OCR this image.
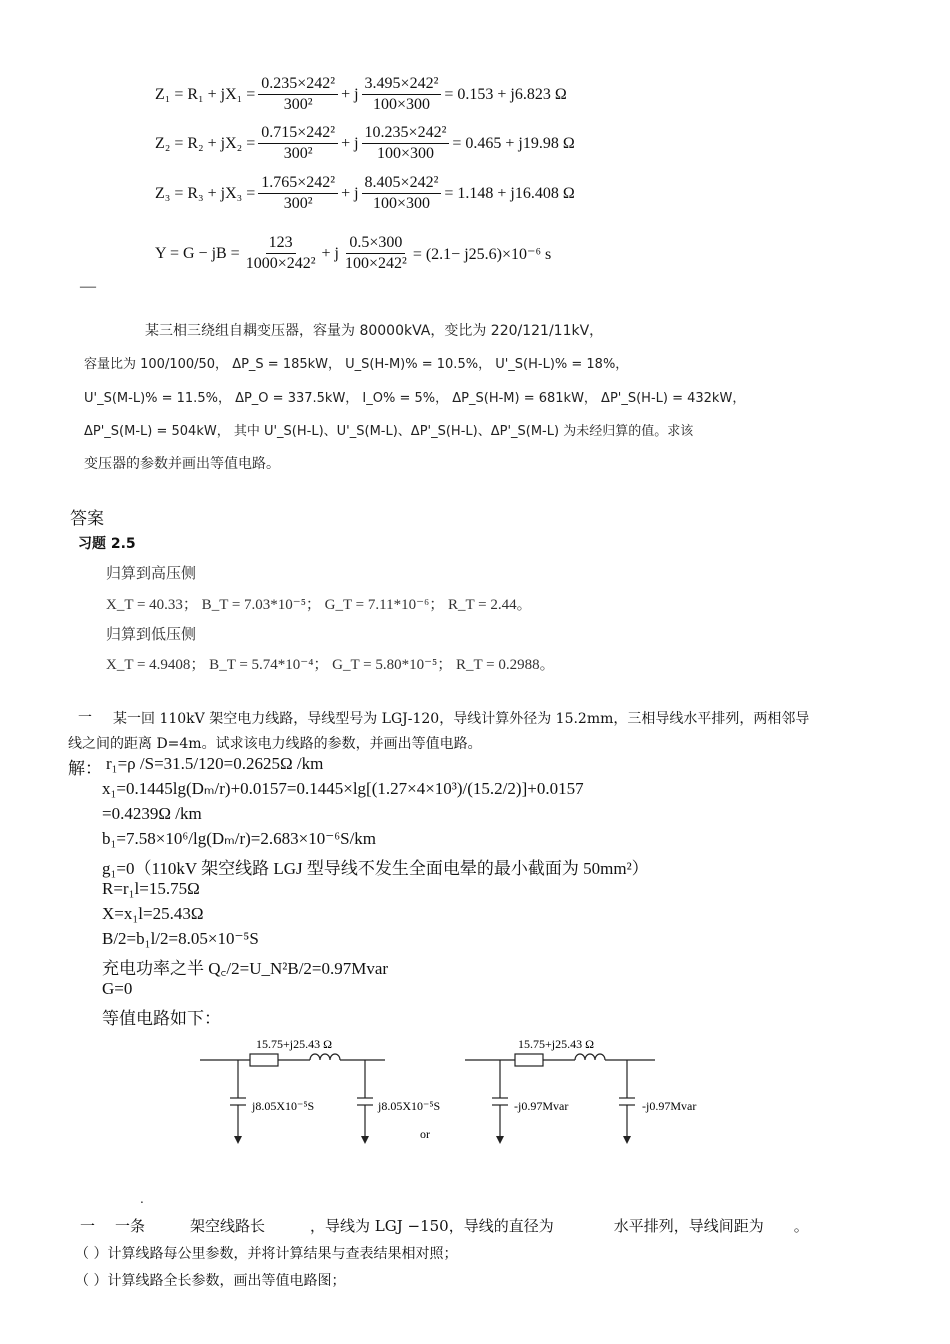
$Z_1 = R_1 + jX_1 = \frac{\text{0.235×242²}}{\text{300²}} + j \frac{\text{3.495×242²}}{100\times 300} = 0.153 + j6.823$ Ω
$Z_2 = R_2 + jX_2 = \frac{\text{0.715×242²}}{\text{300²}} + j \frac{\text{10.235×242²}}{100\times 300} = 0.465 + j19.98$ Ω
$Z_3 = R_3 + jX_3 = \frac{\text{1.765×242²}}{\text{300²}} + j \frac{\text{8.405×242²}}{100\times 300} = 1.148 + j16.408$ Ω
Y = G − jB = $\frac{123}{\text{1000×242²}} + j \frac{0.5\times 300}{\text{100×242²}} = (2.1- j25.6)\times 10^{-6}$ s
—
某三相三绕组自耦变压器，容量为 80000kVA，变比为 220/121/11kV，
容量比为 100/100/50， ΔP_S = 185kW， U_S(H-M)% = 10.5%， U'_S(H-L)% = 18%，
U'_S(M-L)% = 11.5%， ΔP_O = 337.5kW， I_O% = 5%， ΔP_S(H-M) = 681kW， ΔP'_S(H-L) = 432kW，
ΔP'_S(M-L) = 504kW， 其中 U'_S(H-L)、U'_S(M-L)、ΔP'_S(H-L)、ΔP'_S(M-L) 为未经归算的值。求该
变压器的参数并画出等值电路。
答案
习题 2.5
归算到高压侧
X_T = 40.33； B_T = 7.03*10⁻⁵； G_T = 7.11*10⁻⁶； R_T = 2.44。
归算到低压侧
X_T = 4.9408； B_T = 5.74*10⁻⁴； G_T = 5.80*10⁻⁵； R_T = 0.2988。
一 某一回 110kV 架空电力线路，导线型号为 LGJ-120，导线计算外径为 15.2mm，三相导线水平排列，两相邻导
线之间的距离 D=4m。试求该电力线路的参数，并画出等值电路。
解： r₁=ρ /S=31.5/120=0.2625Ω /km
x₁=0.1445lg(Dₘ/r)+0.0157=0.1445×lg[(1.27×4×10³)/(15.2/2)]+0.0157
=0.4239Ω /km
b₁=7.58×10⁶/lg(Dₘ/r)=2.683×10⁻⁶S/km
g₁=0（110kV 架空线路 LGJ 型导线不发生全面电晕的最小截面为 50mm²）
R=r₁l=15.75Ω
X=x₁l=25.43Ω
B/2=b₁l/2=8.05×10⁻⁵S
充电功率之半 Q꜀/2=U_N²B/2=0.97Mvar
G=0
等值电路如下：
15.75+j25.43 Ω
j8.05X10⁻⁵S	j8.05X10⁻⁵S
or
15.75+j25.43 Ω
-j0.97Mvar	-j0.97Mvar
.
一 一条　　　架空线路长　　　，导线为 LGJ −150，导线的直径为　　　　水平排列，导线间距为　　。
（ ）计算线路每公里参数，并将计算结果与查表结果相对照；
（ ）计算线路全长参数，画出等值电路图；
